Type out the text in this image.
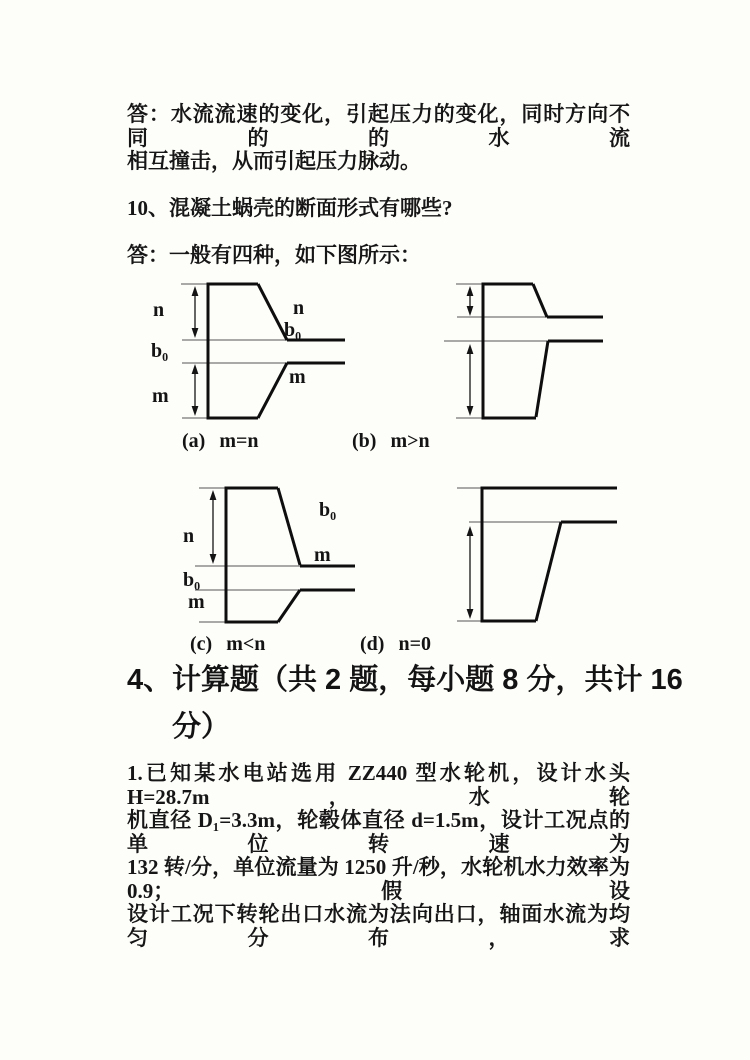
答：水流流速的变化，引起压力的变化，同时方向不同的的水流
相互撞击，从而引起压力脉动。
10、混凝土蜗壳的断面形式有哪些?
答：一般有四种，如下图所示：
n
b₀
m
n
b₀
m
n
b₀
m
b₀
m
(a) m=n	(b) m>n
(c) m<n	(d) n=0
4、 计算题（共 2 题，每小题 8 分，共计 16
分）
1.已知某水电站选用 ZZ440 型水轮机，设计水头 H=28.7m，水轮
机直径 D₁=3.3m，轮毂体直径 d=1.5m，设计工况点的单位转速为
132 转/分，单位流量为 1250 升/秒，水轮机水力效率为 0.9；假设
设计工况下转轮出口水流为法向出口，轴面水流为均匀分布，求
